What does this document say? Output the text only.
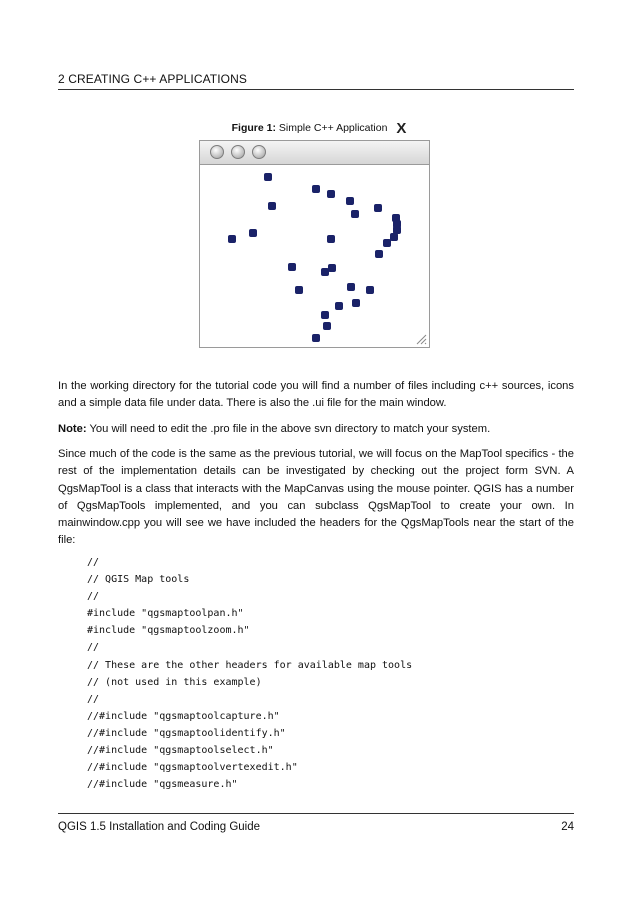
2 CREATING C++ APPLICATIONS
Figure 1: Simple C++ Application X
In the working directory for the tutorial code you will find a number of files including c++ sources, icons and a simple data file under data. There is also the .ui file for the main window.
Note: You will need to edit the .pro file in the above svn directory to match your system.
Since much of the code is the same as the previous tutorial, we will focus on the MapTool specifics - the rest of the implementation details can be investigated by checking out the project form SVN. A QgsMapTool is a class that interacts with the MapCanvas using the mouse pointer. QGIS has a number of QgsMapTools implemented, and you can subclass QgsMapTool to create your own. In mainwindow.cpp you will see we have included the headers for the QgsMapTools near the start of the file:
//
// QGIS Map tools
//
#include "qgsmaptoolpan.h"
#include "qgsmaptoolzoom.h"
//
// These are the other headers for available map tools
// (not used in this example)
//
//#include "qgsmaptoolcapture.h"
//#include "qgsmaptoolidentify.h"
//#include "qgsmaptoolselect.h"
//#include "qgsmaptoolvertexedit.h"
//#include "qgsmeasure.h"
QGIS 1.5 Installation and Coding Guide	24
